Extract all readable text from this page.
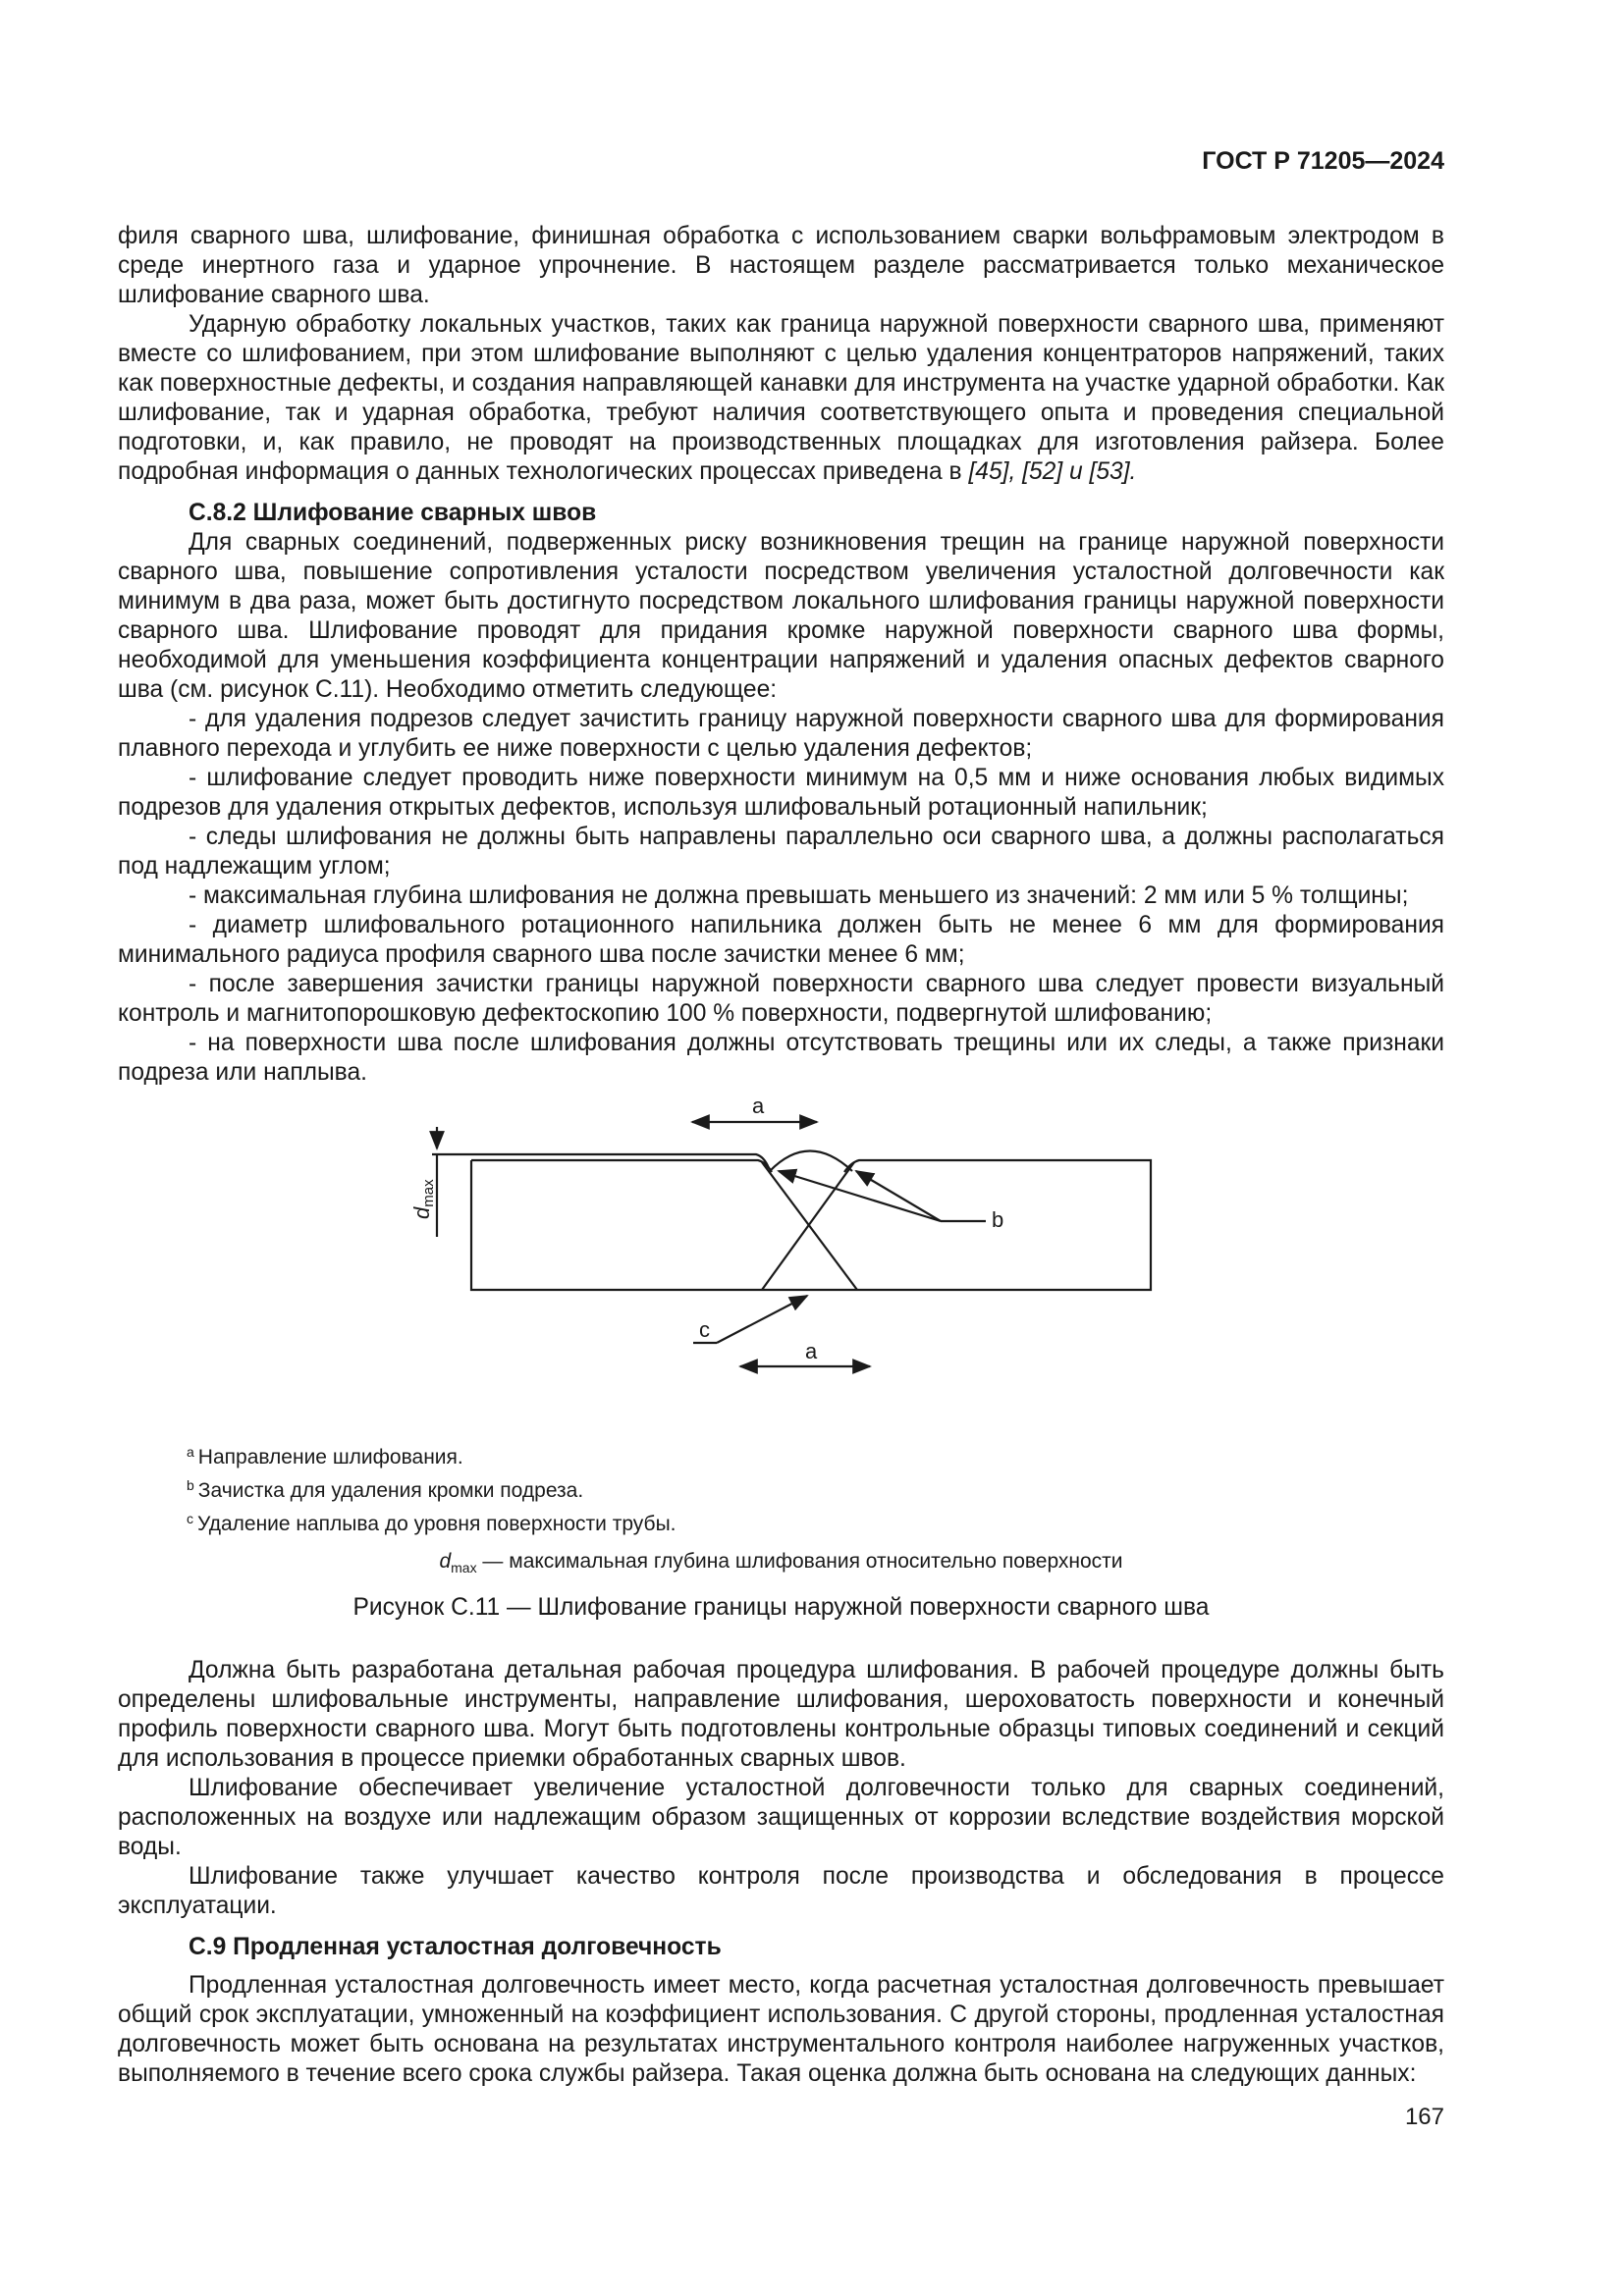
ГОСТ Р 71205—2024

филя сварного шва, шлифование, финишная обработка с использованием сварки вольфрамовым электродом в среде инертного газа и ударное упрочнение. В настоящем разделе рассматривается только механическое шлифование сварного шва.

Ударную обработку локальных участков, таких как граница наружной поверхности сварного шва, применяют вместе со шлифованием, при этом шлифование выполняют с целью удаления концентраторов напряжений, таких как поверхностные дефекты, и создания направляющей канавки для инструмента на участке ударной обработки. Как шлифование, так и ударная обработка, требуют наличия соответствующего опыта и проведения специальной подготовки, и, как правило, не проводят на производственных площадках для изготовления райзера. Более подробная информация о данных технологических процессах приведена в [45], [52] и [53].

С.8.2 Шлифование сварных швов

Для сварных соединений, подверженных риску возникновения трещин на границе наружной поверхности сварного шва, повышение сопротивления усталости посредством увеличения усталостной долговечности как минимум в два раза, может быть достигнуто посредством локального шлифования границы наружной поверхности сварного шва. Шлифование проводят для придания кромке наружной поверхности сварного шва формы, необходимой для уменьшения коэффициента концентрации напряжений и удаления опасных дефектов сварного шва (см. рисунок С.11). Необходимо отметить следующее:

- для удаления подрезов следует зачистить границу наружной поверхности сварного шва для формирования плавного перехода и углубить ее ниже поверхности с целью удаления дефектов;

- шлифование следует проводить ниже поверхности минимум на 0,5 мм и ниже основания любых видимых подрезов для удаления открытых дефектов, используя шлифовальный ротационный напильник;

- следы шлифования не должны быть направлены параллельно оси сварного шва, а должны располагаться под надлежащим углом;

- максимальная глубина шлифования не должна превышать меньшего из значений: 2 мм или 5 % толщины;

- диаметр шлифовального ротационного напильника должен быть не менее 6 мм для формирования минимального радиуса профиля сварного шва после зачистки менее 6 мм;

- после завершения зачистки границы наружной поверхности сварного шва следует провести визуальный контроль и магнитопорошковую дефектоскопию 100 % поверхности, подвергнутой шлифованию;

- на поверхности шва после шлифования должны отсутствовать трещины или их следы, а также признаки подреза или наплыва.

a
b
c
a
dmax
$^a$ Направление шлифования.
$^b$ Зачистка для удаления кромки подреза.
$^c$ Удаление наплыва до уровня поверхности трубы.

$d_{max}$ — максимальная глубина шлифования относительно поверхности

Рисунок С.11 — Шлифование границы наружной поверхности сварного шва

Должна быть разработана детальная рабочая процедура шлифования. В рабочей процедуре должны быть определены шлифовальные инструменты, направление шлифования, шероховатость поверхности и конечный профиль поверхности сварного шва. Могут быть подготовлены контрольные образцы типовых соединений и секций для использования в процессе приемки обработанных сварных швов.

Шлифование обеспечивает увеличение усталостной долговечности только для сварных соединений, расположенных на воздухе или надлежащим образом защищенных от коррозии вследствие воздействия морской воды.

Шлифование также улучшает качество контроля после производства и обследования в процессе эксплуатации.

С.9 Продленная усталостная долговечность

Продленная усталостная долговечность имеет место, когда расчетная усталостная долговечность превышает общий срок эксплуатации, умноженный на коэффициент использования. С другой стороны, продленная усталостная долговечность может быть основана на результатах инструментального контроля наиболее нагруженных участков, выполняемого в течение всего срока службы райзера. Такая оценка должна быть основана на следующих данных:

167
